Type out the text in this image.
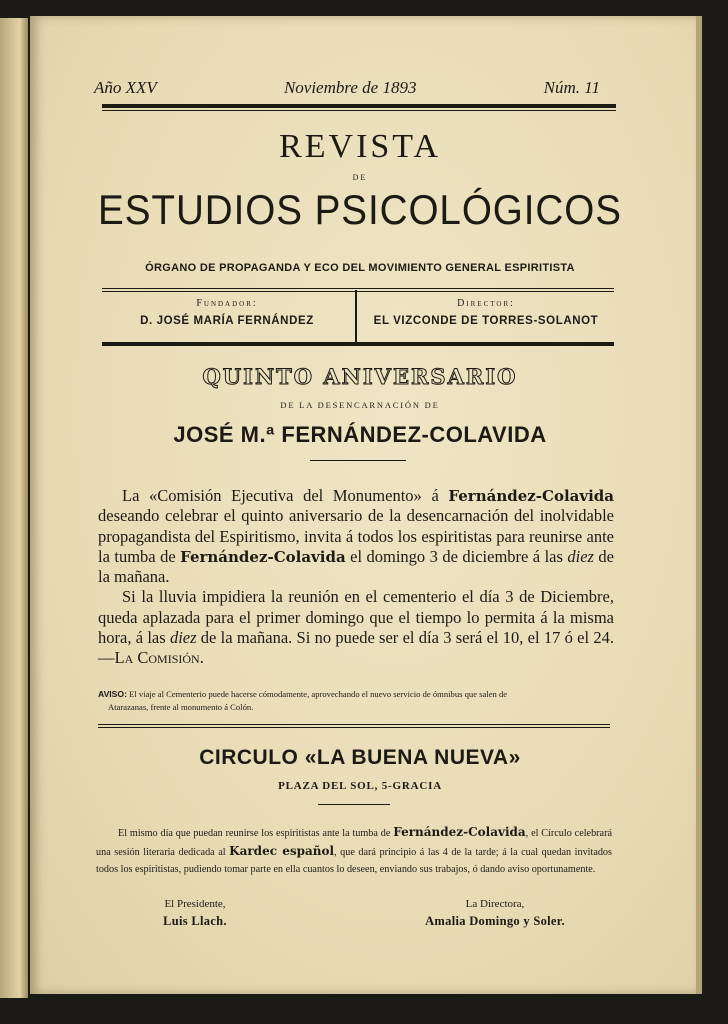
Año XXV	Noviembre de 1893	Núm. 11
REVISTA
DE
ESTUDIOS PSICOLÓGICOS
ÓRGANO DE PROPAGANDA Y ECO DEL MOVIMIENTO GENERAL ESPIRITISTA
Fundador:
D. JOSÉ MARÍA FERNÁNDEZ
Director:
EL VIZCONDE DE TORRES-SOLANOT
QUINTO ANIVERSARIO
DE LA DESENCARNACIÓN DE
JOSÉ M.ª FERNÁNDEZ-COLAVIDA

La «Comisión Ejecutiva del Monumento» á Fernández-Colavida deseando celebrar el quinto aniversario de la desencarnación del inolvidable propagandista del Espiritismo, invita á todos los espiritistas para reunirse ante la tumba de Fernández-Colavida el domingo 3 de diciembre á las diez de la mañana.

Si la lluvia impidiera la reunión en el cementerio el día 3 de Diciembre, queda aplazada para el primer domingo que el tiempo lo permita á la misma hora, á las diez de la mañana. Si no puede ser el día 3 será el 10, el 17 ó el 24.—La Comisión.

AVISO: El viaje al Cementerio puede hacerse cómodamente, aprovechando el nuevo servicio de ómnibus que salen de
Atarazanas, frente al monumento á Colón.
CIRCULO «LA BUENA NUEVA»
PLAZA DEL SOL, 5-GRACIA

El mismo día que puedan reunirse los espiritistas ante la tumba de Fernández-Colavida, el Círculo celebrará una sesión literaria dedicada al Kardec español, que dará principio á las 4 de la tarde; á la cual quedan invitados todos los espiritistas, pudiendo tomar parte en ella cuantos lo deseen, enviando sus trabajos, ó dando aviso oportunamente.

El Presidente,
Luis Llach.
La Directora,
Amalia Domingo y Soler.
